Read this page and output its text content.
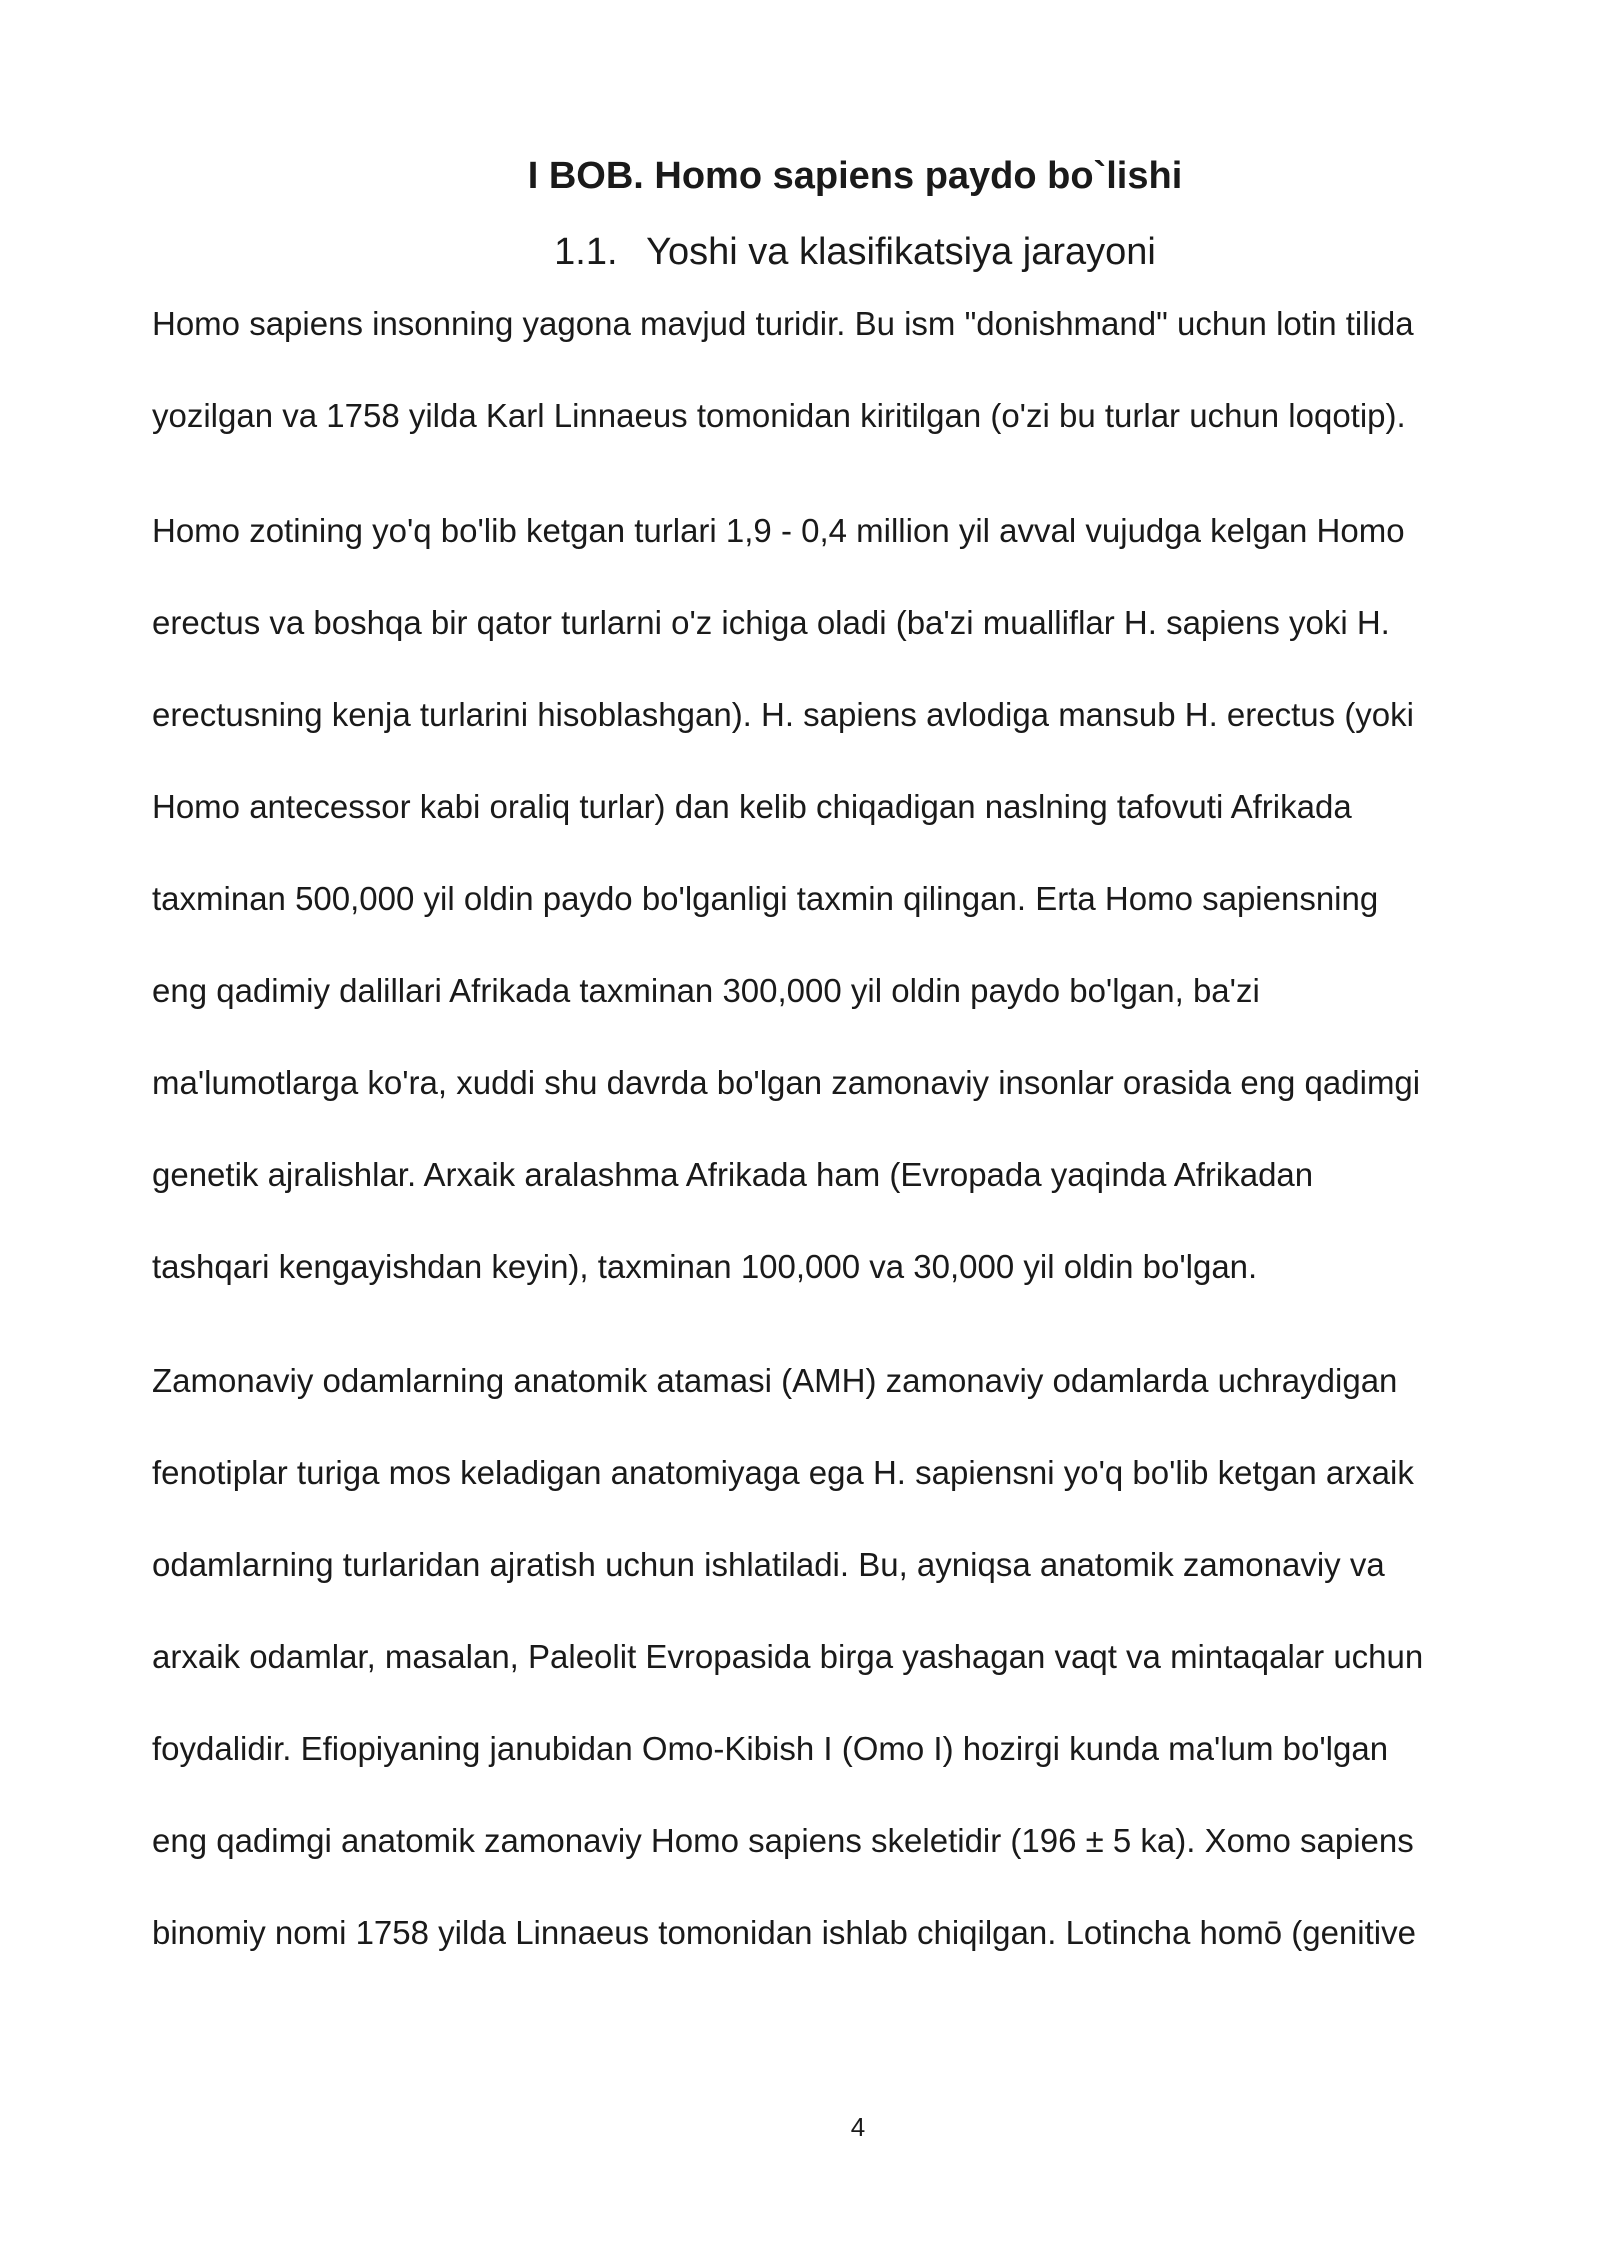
I BOB. Homo sapiens paydo bo`lishi
1.1. Yoshi va klasifikatsiya jarayoni
Homo sapiens insonning yagona mavjud turidir. Bu ism "donishmand" uchun lotin tilida
yozilgan va 1758 yilda Karl Linnaeus tomonidan kiritilgan (o'zi bu turlar uchun loqotip).
Homo zotining yo'q bo'lib ketgan turlari 1,9 - 0,4 million yil avval vujudga kelgan Homo
erectus va boshqa bir qator turlarni o'z ichiga oladi (ba'zi mualliflar H. sapiens yoki H.
erectusning kenja turlarini hisoblashgan). H. sapiens avlodiga mansub H. erectus (yoki
Homo antecessor kabi oraliq turlar) dan kelib chiqadigan naslning tafovuti Afrikada
taxminan 500,000 yil oldin paydo bo'lganligi taxmin qilingan. Erta Homo sapiensning
eng qadimiy dalillari Afrikada taxminan 300,000 yil oldin paydo bo'lgan, ba'zi
ma'lumotlarga ko'ra, xuddi shu davrda bo'lgan zamonaviy insonlar orasida eng qadimgi
genetik ajralishlar. Arxaik aralashma Afrikada ham (Evropada yaqinda Afrikadan
tashqari kengayishdan keyin), taxminan 100,000 va 30,000 yil oldin bo'lgan.
Zamonaviy odamlarning anatomik atamasi (AMH) zamonaviy odamlarda uchraydigan
fenotiplar turiga mos keladigan anatomiyaga ega H. sapiensni yo'q bo'lib ketgan arxaik
odamlarning turlaridan ajratish uchun ishlatiladi. Bu, ayniqsa anatomik zamonaviy va
arxaik odamlar, masalan, Paleolit Evropasida birga yashagan vaqt va mintaqalar uchun
foydalidir. Efiopiyaning janubidan Omo-Kibish I (Omo I) hozirgi kunda ma'lum bo'lgan
eng qadimgi anatomik zamonaviy Homo sapiens skeletidir (196 ± 5 ka). Xomo sapiens
binomiy nomi 1758 yilda Linnaeus tomonidan ishlab chiqilgan. Lotincha homō (genitive
4
